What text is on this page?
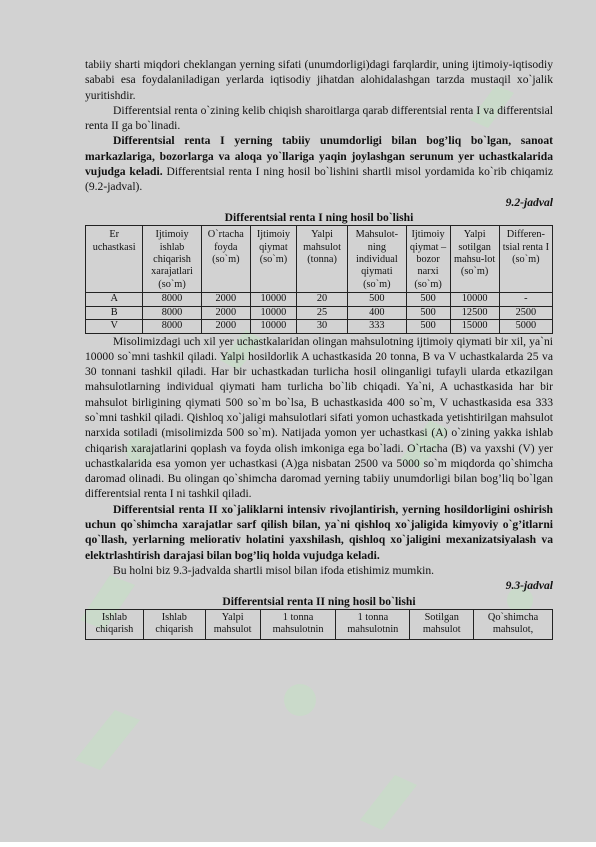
tabiiy sharti miqdori cheklangan yerning sifati (unumdorligi)dagi farqlardir, uning ijtimoiy-iqtisodiy sababi esa foydalaniladigan yerlarda iqtisodiy jihatdan alohidalashgan tarzda mustaqil xo`jalik yuritishdir.

Differentsial renta o`zining kelib chiqish sharoitlarga qarab differentsial renta I va differentsial renta II ga bo`linadi.

Differentsial renta I yerning tabiiy unumdorligi bilan bog’liq bo`lgan, sanoat markazlariga, bozorlarga va aloqa yo`llariga yaqin joylashgan serunum yer uchastkalarida vujudga keladi. Differentsial renta I ning hosil bo`lishini shartli misol yordamida ko`rib chiqamiz (9.2-jadval).

9.2-jadval

Differentsial renta I ning hosil bo`lishi

Er uchastkasi	Ijtimoiy ishlab chiqarish xarajatlari (so`m)	O`rtacha foyda (so`m)	Ijtimoiy qiymat (so`m)	Yalpi mahsulot (tonna)	Mahsulot-ning individual qiymati (so`m)	Ijtimoiy qiymat – bozor narxi (so`m)	Yalpi sotilgan mahsu-lot (so`m)	Differen-tsial renta I (so`m)
A	8000	2000	10000	20	500	500	10000	-
B	8000	2000	10000	25	400	500	12500	2500
V	8000	2000	10000	30	333	500	15000	5000

Misolimizdagi uch xil yer uchastkalaridan olingan mahsulotning ijtimoiy qiymati bir xil, ya`ni 10000 so`mni tashkil qiladi. Yalpi hosildorlik A uchastkasida 20 tonna, B va V uchastkalarda 25 va 30 tonnani tashkil qiladi. Har bir uchastkadan turlicha hosil olinganligi tufayli ularda etkazilgan mahsulotlarning individual qiymati ham turlicha bo`lib chiqadi. Ya`ni, A uchastkasida har bir mahsulot birligining qiymati 500 so`m bo`lsa, B uchastkasida 400 so`m, V uchastkasida esa 333 so`mni tashkil qiladi. Qishloq xo`jaligi mahsulotlari sifati yomon uchastkada yetishtirilgan mahsulot narxida sotiladi (misolimizda 500 so`m). Natijada yomon yer uchastkasi (A) o`zining yakka ishlab chiqarish xarajatlarini qoplash va foyda olish imkoniga ega bo`ladi. O`rtacha (B) va yaxshi (V) yer uchastkalarida esa yomon yer uchastkasi (A)ga nisbatan 2500 va 5000 so`m miqdorda qo`shimcha daromad olinadi. Bu olingan qo`shimcha daromad yerning tabiiy unumdorligi bilan bog’liq bo`lgan differentsial renta I ni tashkil qiladi.

Differentsial renta II xo`jaliklarni intensiv rivojlantirish, yerning hosildorligini oshirish uchun qo`shimcha xarajatlar sarf qilish bilan, ya`ni qishloq xo`jaligida kimyoviy o`g’itlarni qo`llash, yerlarning meliorativ holatini yaxshilash, qishloq xo`jaligini mexanizatsiyalash va elektrlashtirish darajasi bilan bog’liq holda vujudga keladi.

Bu holni biz 9.3-jadvalda shartli misol bilan ifoda etishimiz mumkin.

9.3-jadval

Differentsial renta II ning hosil bo`lishi

Ishlab chiqarish	Ishlab chiqarish	Yalpi mahsulot	1 tonna mahsulotnin	1 tonna mahsulotnin	Sotilgan mahsulot	Qo`shimcha mahsulot,
